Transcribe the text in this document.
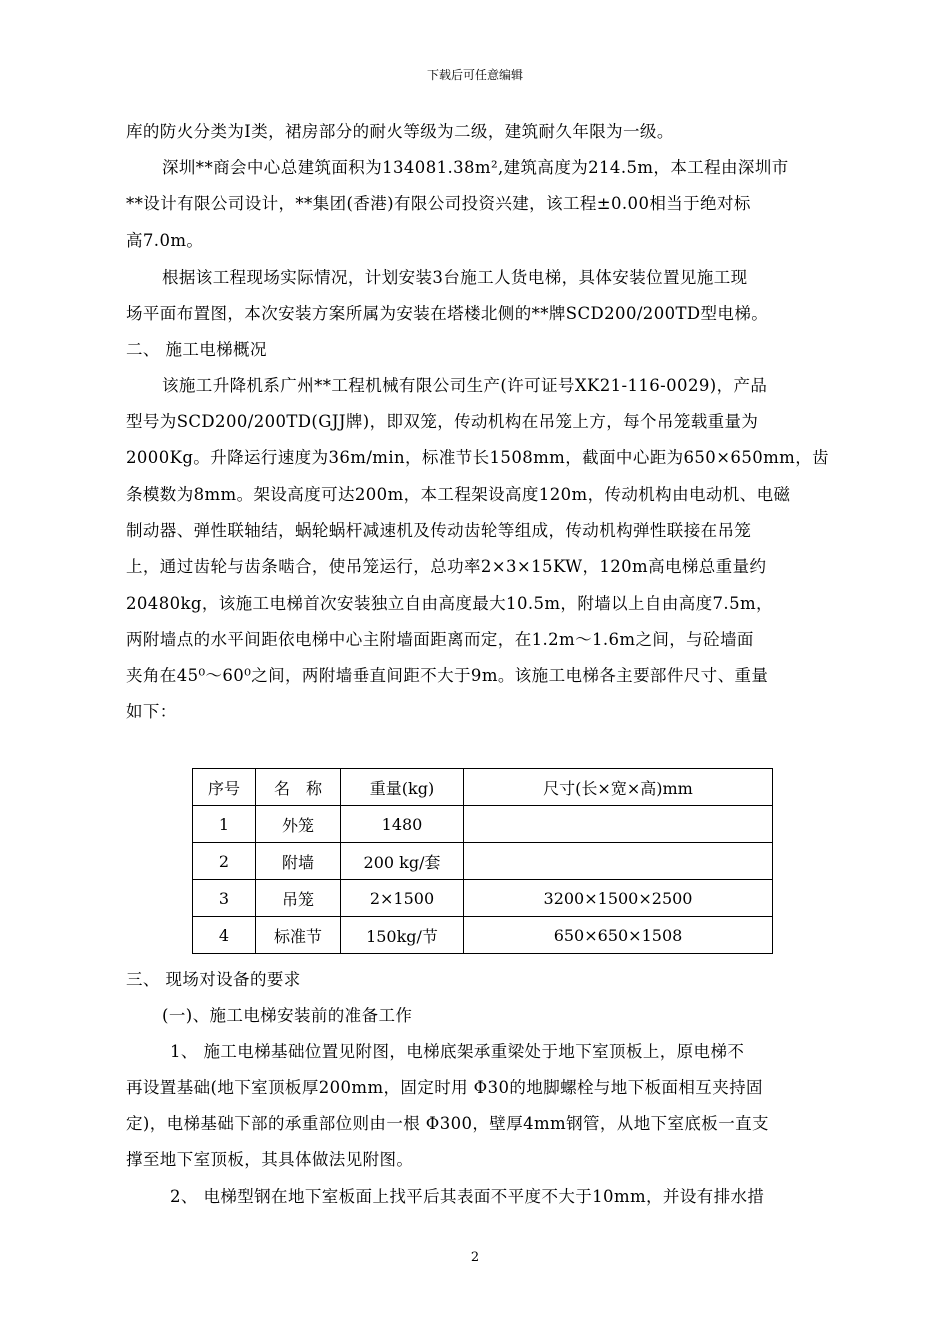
下载后可任意编辑
库的防火分类为Ⅰ类，裙房部分的耐火等级为二级，建筑耐久年限为一级。
深圳**商会中心总建筑面积为134081.38m²,建筑高度为214.5m，本工程由深圳市
**设计有限公司设计，**集团(香港)有限公司投资兴建，该工程±0.00相当于绝对标
高7.0m。
根据该工程现场实际情况，计划安装3台施工人货电梯，具体安装位置见施工现
场平面布置图，本次安装方案所属为安装在塔楼北侧的**牌SCD200/200TD型电梯。
二、 施工电梯概况
该施工升降机系广州**工程机械有限公司生产(许可证号XK21-116-0029)，产品
型号为SCD200/200TD(GJJ牌)，即双笼，传动机构在吊笼上方，每个吊笼载重量为
2000Kg。升降运行速度为36m/min，标准节长1508mm，截面中心距为650×650mm，齿
条模数为8mm。架设高度可达200m，本工程架设高度120m，传动机构由电动机、电磁
制动器、弹性联轴结，蜗轮蜗杆减速机及传动齿轮等组成，传动机构弹性联接在吊笼
上，通过齿轮与齿条啮合，使吊笼运行，总功率2×3×15KW，120m高电梯总重量约
20480kg，该施工电梯首次安装独立自由高度最大10.5m，附墙以上自由高度7.5m，
两附墙点的水平间距依电梯中心主附墙面距离而定，在1.2m～1.6m之间，与砼墙面
夹角在45⁰～60⁰之间，两附墙垂直间距不大于9m。该施工电梯各主要部件尺寸、重量
如下：
序号	名　称	重量(kg)	尺寸(长×宽×高)mm
1	外笼	1480	
2	附墙	200 kg/套	
3	吊笼	2×1500	3200×1500×2500
4	标准节	150kg/节	650×650×1508
三、 现场对设备的要求
(一)、施工电梯安装前的准备工作
1、 施工电梯基础位置见附图，电梯底架承重梁处于地下室顶板上，原电梯不
再设置基础(地下室顶板厚200mm，固定时用 Φ30的地脚螺栓与地下板面相互夹持固
定)，电梯基础下部的承重部位则由一根 Φ300，壁厚4mm钢管，从地下室底板一直支
撑至地下室顶板，其具体做法见附图。
2、 电梯型钢在地下室板面上找平后其表面不平度不大于10mm，并设有排水措
2
